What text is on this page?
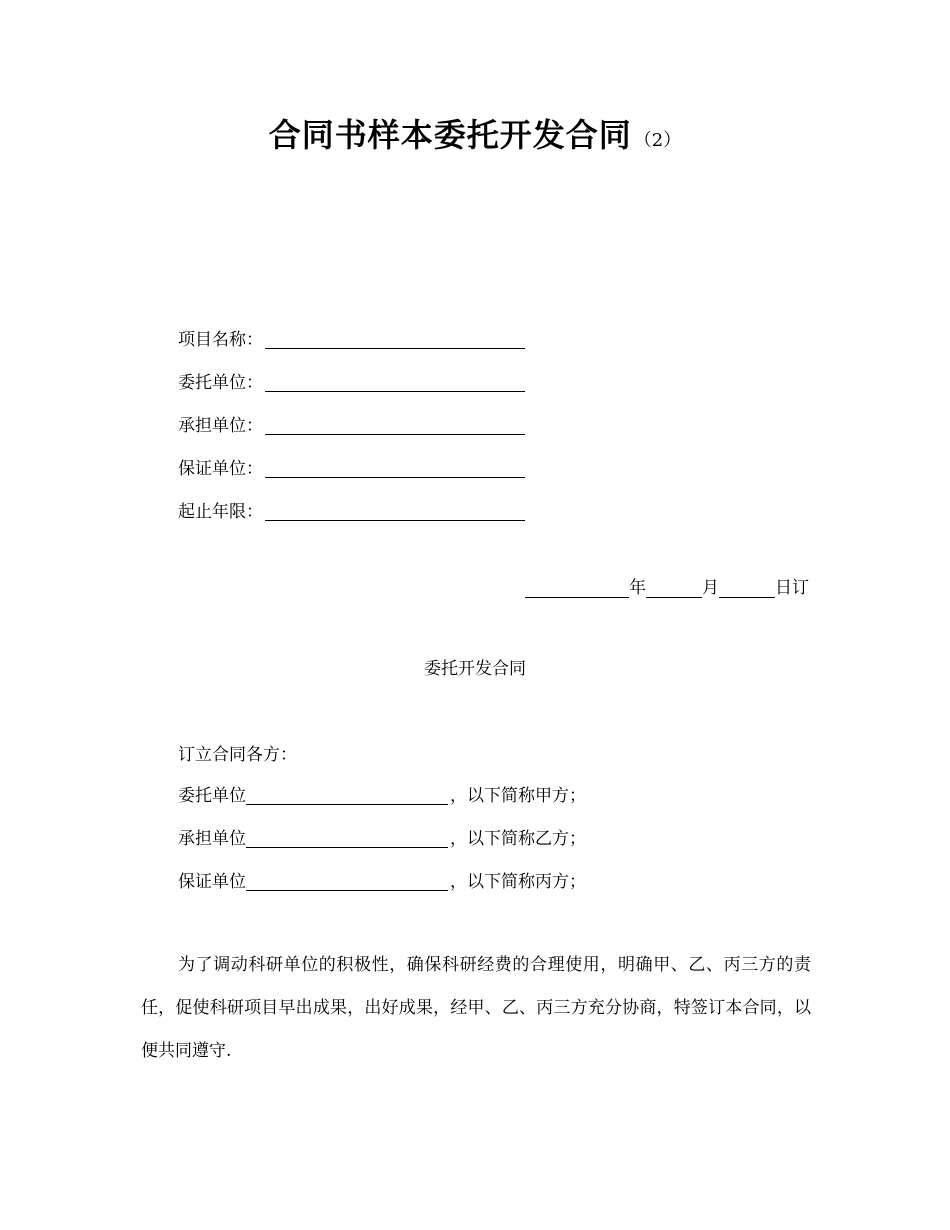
合同书样本委托开发合同 （2）
项目名称：
委托单位：
承担单位：
保证单位：
起止年限：
年	月	日订
委托开发合同
订立合同各方：
委托单位	，以下简称甲方；
承担单位	，以下简称乙方；
保证单位	，以下简称丙方；

为了调动科研单位的积极性，确保科研经费的合理使用，明确甲、乙、丙三方的责任，促使科研项目早出成果，出好成果，经甲、乙、丙三方充分协商，特签订本合同，以便共同遵守.
